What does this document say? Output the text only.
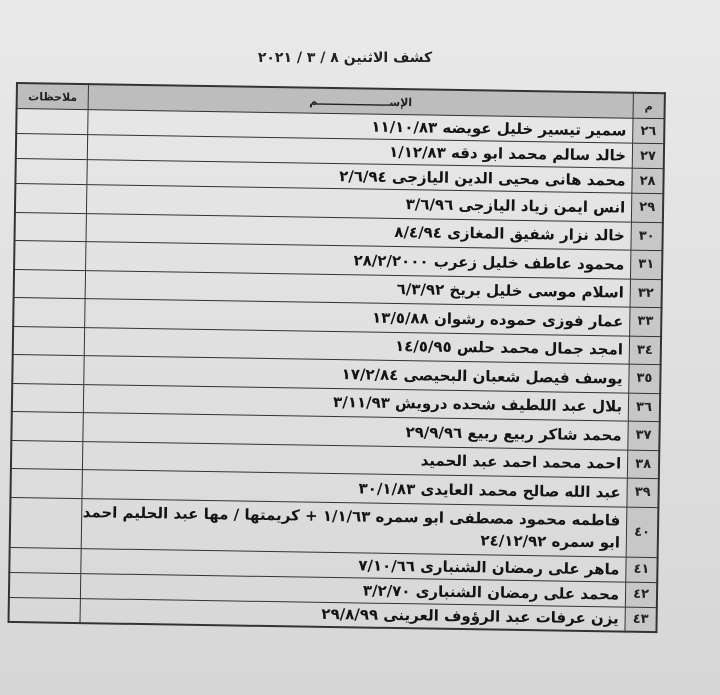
كشف الاثنين ٨ / ٣ / ٢٠٢١
م	الإســـــــــــــــــــم	ملاحظات
٢٦	سمير تيسير خليل عويضه ١١/١٠/٨٣	
٢٧	خالد سالم محمد ابو دقه ١/١٢/٨٣	
٢٨	محمد هانى محيى الدين اليازجى ٢/٦/٩٤	
٢٩	انس ايمن زياد اليازجى ٣/٦/٩٦	
٣٠	خالد نزار شفيق المغازى ٨/٤/٩٤	
٣١	محمود عاطف خليل زعرب ٢٨/٢/٢٠٠٠	
٣٢	اسلام موسى خليل بريخ ٦/٣/٩٢	
٣٣	عمار فوزى حموده رشوان ١٣/٥/٨٨	
٣٤	امجد جمال محمد حلس ١٤/٥/٩٥	
٣٥	يوسف فيصل شعبان البحيصى ١٧/٢/٨٤	
٣٦	بلال عبد اللطيف شحده درويش ٣/١١/٩٣	
٣٧	محمد شاكر ربيع ربيع ٢٩/٩/٩٦	
٣٨	احمد محمد احمد عبد الحميد	
٣٩	عبد الله صالح محمد العايدى ٣٠/١/٨٣	
٤٠	فاطمه محمود مصطفى ابو سمره ١/١/٦٣ + كريمتها / مها عبد الحليم احمد ابو سمره ٢٤/١٢/٩٢	
٤١	ماهر على رمضان الشنبارى ٧/١٠/٦٦	
٤٢	محمد على رمضان الشنبارى ٣/٢/٧٠	
٤٣	يزن عرفات عبد الرؤوف العرينى ٢٩/٨/٩٩	
